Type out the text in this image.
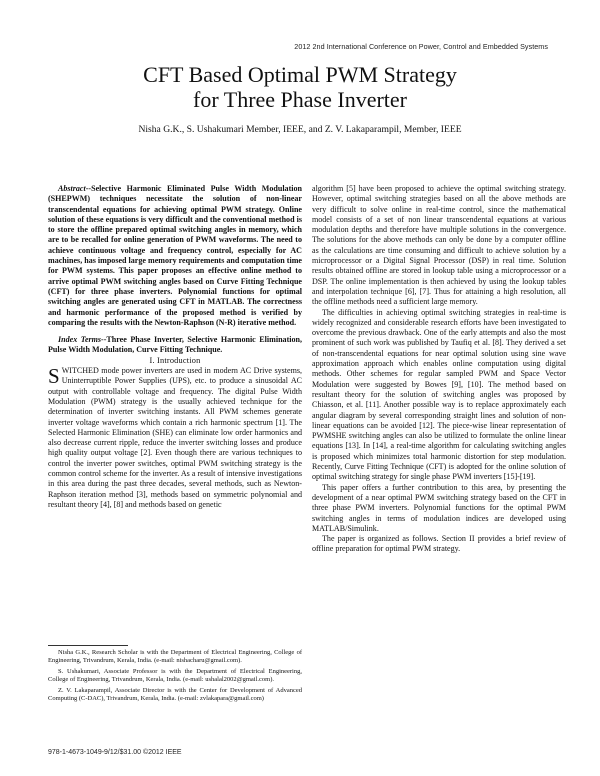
2012 2nd International Conference on Power, Control and Embedded Systems
CFT Based Optimal PWM Strategy
for Three Phase Inverter
Nisha G.K., S. Ushakumari Member, IEEE, and Z. V. Lakaparampil, Member, IEEE

Abstract--Selective Harmonic Eliminated Pulse Width Modulation (SHEPWM) techniques necessitate the solution of non-linear transcendental equations for achieving optimal PWM strategy. Online solution of these equations is very difficult and the conventional method is to store the offline prepared optimal switching angles in memory, which are to be recalled for online generation of PWM waveforms. The need to achieve continuous voltage and frequency control, especially for AC machines, has imposed large memory requirements and computation time for PWM systems. This paper proposes an effective online method to arrive optimal PWM switching angles based on Curve Fitting Technique (CFT) for three phase inverters. Polynomial functions for optimal switching angles are generated using CFT in MATLAB. The correctness and harmonic performance of the proposed method is verified by comparing the results with the Newton-Raphson (N-R) iterative method.

Index Terms--Three Phase Inverter, Selective Harmonic Elimination, Pulse Width Modulation, Curve Fitting Technique.

I. Introduction

SWITCHED mode power inverters are used in modern AC Drive systems, Uninterruptible Power Supplies (UPS), etc. to produce a sinusoidal AC output with controllable voltage and frequency. The digital Pulse Width Modulation (PWM) strategy is the usually achieved technique for the determination of inverter switching instants. All PWM schemes generate inverter voltage waveforms which contain a rich harmonic spectrum [1]. The Selected Harmonic Elimination (SHE) can eliminate low order harmonics and also decrease current ripple, reduce the inverter switching losses and produce high quality output voltage [2]. Even though there are various techniques to control the inverter power switches, optimal PWM switching strategy is the common control scheme for the inverter. As a result of intensive investigations in this area during the past three decades, several methods, such as Newton-Raphson iteration method [3], methods based on symmetric polynomial and resultant theory [4], [8] and methods based on genetic

Nisha G.K., Research Scholar is with the Department of Electrical Engineering, College of Engineering, Trivandrum, Kerala, India. (e-mail: nishacharu@gmail.com).

S. Ushakumari, Associate Professor is with the Department of Electrical Engineering, College of Engineering, Trivandrum, Kerala, India. (e-mail: ushalal2002@gmail.com).

Z. V. Lakaparampil, Associate Director is with the Center for Development of Advanced Computing (C-DAC), Trivandrum, Kerala, India. (e-mail: zvlakapara@gmail.com)

algorithm [5] have been proposed to achieve the optimal switching strategy. However, optimal switching strategies based on all the above methods are very difficult to solve online in real-time control, since the mathematical model consists of a set of non linear transcendental equations at various modulation depths and therefore have multiple solutions in the convergence. The solutions for the above methods can only be done by a computer offline as the calculations are time consuming and difficult to achieve solution by a microprocessor or a Digital Signal Processor (DSP) in real time. Solution results obtained offline are stored in lookup table using a microprocessor or a DSP. The online implementation is then achieved by using the lookup tables and interpolation technique [6], [7]. Thus for attaining a high resolution, all the offline methods need a sufficient large memory.

The difficulties in achieving optimal switching strategies in real-time is widely recognized and considerable research efforts have been investigated to overcome the previous drawback. One of the early attempts and also the most prominent of such work was published by Taufiq et al. [8]. They derived a set of non-transcendental equations for near optimal solution using sine wave approximation approach which enables online computation using digital methods. Other schemes for regular sampled PWM and Space Vector Modulation were suggested by Bowes [9], [10]. The method based on resultant theory for the solution of switching angles was proposed by Chiasson, et al. [11]. Another possible way is to replace approximately each angular diagram by several corresponding straight lines and solution of non-linear equations can be avoided [12]. The piece-wise linear representation of PWMSHE switching angles can also be utilized to formulate the online linear equations [13]. In [14], a real-time algorithm for calculating switching angles is proposed which minimizes total harmonic distortion for step modulation. Recently, Curve Fitting Technique (CFT) is adopted for the online solution of optimal switching strategy for single phase PWM inverters [15]-[19].

This paper offers a further contribution to this area, by presenting the development of a near optimal PWM switching strategy based on the CFT in three phase PWM inverters. Polynomial functions for the optimal PWM switching angles in terms of modulation indices are developed using MATLAB/Simulink.

The paper is organized as follows. Section II provides a brief review of offline preparation for optimal PWM strategy.

978-1-4673-1049-9/12/$31.00 ©2012 IEEE
